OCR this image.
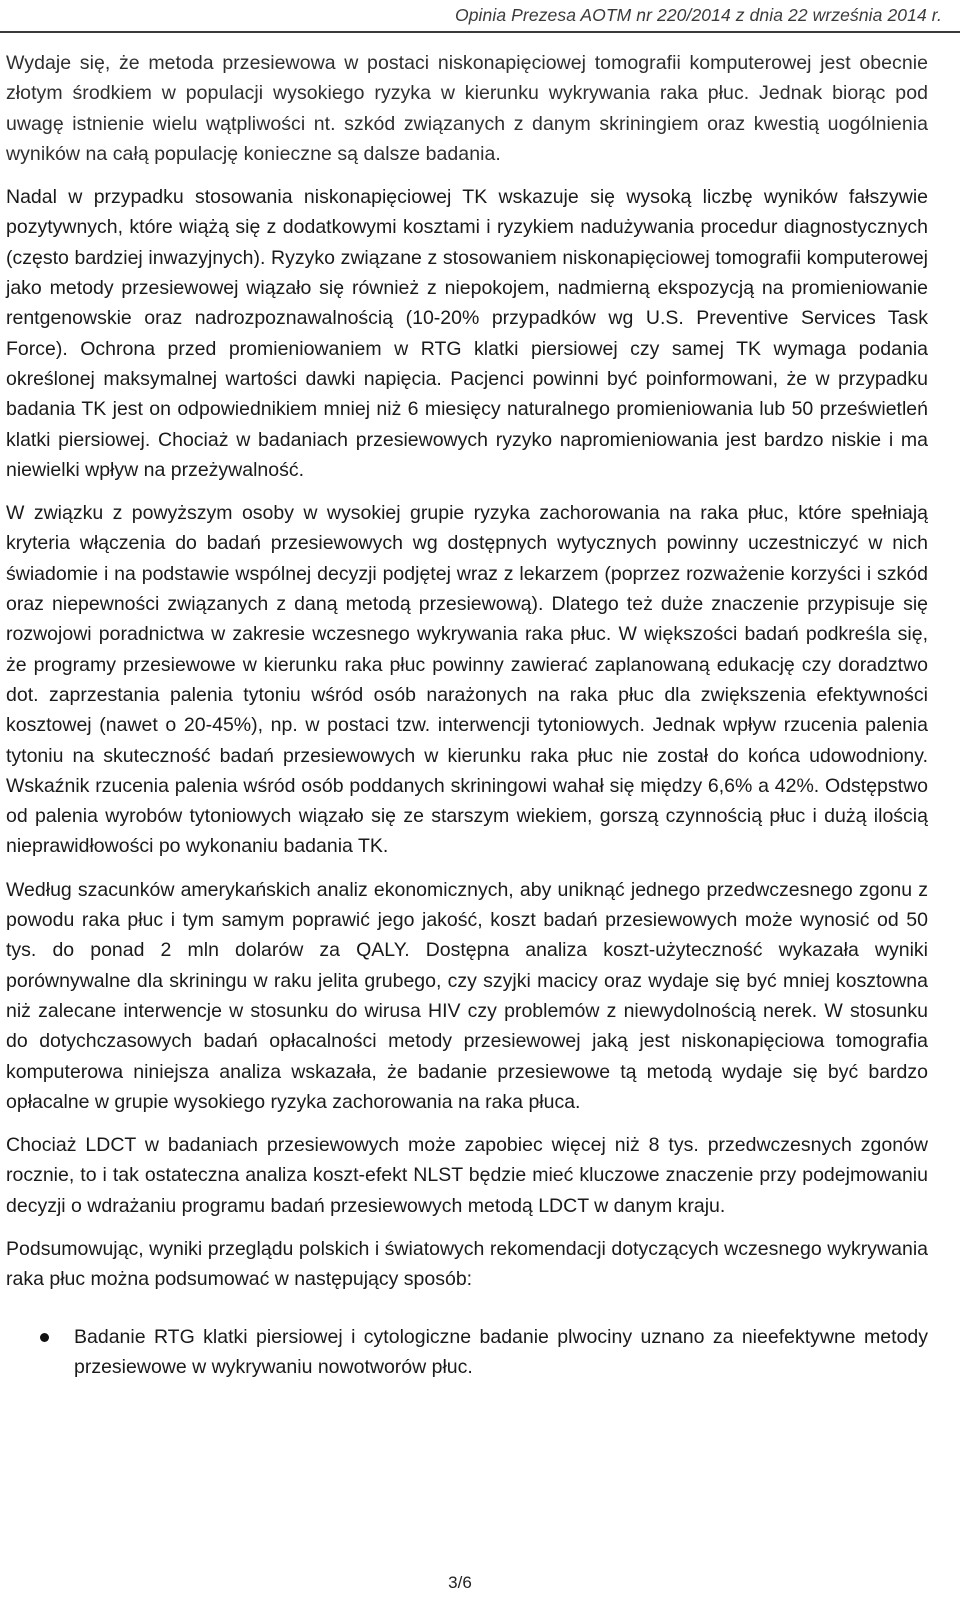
Opinia Prezesa AOTM nr 220/2014 z dnia 22 września 2014 r.

Wydaje się, że metoda przesiewowa w postaci niskonapięciowej tomografii komputerowej jest obecnie złotym środkiem w populacji wysokiego ryzyka w kierunku wykrywania raka płuc. Jednak biorąc pod uwagę istnienie wielu wątpliwości nt. szkód związanych z danym skriningiem oraz kwestią uogólnienia wyników na całą populację konieczne są dalsze badania.

Nadal w przypadku stosowania niskonapięciowej TK wskazuje się wysoką liczbę wyników fałszywie pozytywnych, które wiążą się z dodatkowymi kosztami i ryzykiem nadużywania procedur diagnostycznych (często bardziej inwazyjnych). Ryzyko związane z stosowaniem niskonapięciowej tomografii komputerowej jako metody przesiewowej wiązało się również z niepokojem, nadmierną ekspozycją na promieniowanie rentgenowskie oraz nadrozpoznawalnością (10-20% przypadków wg U.S. Preventive Services Task Force). Ochrona przed promieniowaniem w RTG klatki piersiowej czy samej TK wymaga podania określonej maksymalnej wartości dawki napięcia. Pacjenci powinni być poinformowani, że w przypadku badania TK jest on odpowiednikiem mniej niż 6 miesięcy naturalnego promieniowania lub 50 prześwietleń klatki piersiowej. Chociaż w badaniach przesiewowych ryzyko napromieniowania jest bardzo niskie i ma niewielki wpływ na przeżywalność.

W związku z powyższym osoby w wysokiej grupie ryzyka zachorowania na raka płuc, które spełniają kryteria włączenia do badań przesiewowych wg dostępnych wytycznych powinny uczestniczyć w nich świadomie i na podstawie wspólnej decyzji podjętej wraz z lekarzem (poprzez rozważenie korzyści i szkód oraz niepewności związanych z daną metodą przesiewową). Dlatego też duże znaczenie przypisuje się rozwojowi poradnictwa w zakresie wczesnego wykrywania raka płuc. W większości badań podkreśla się, że programy przesiewowe w kierunku raka płuc powinny zawierać zaplanowaną edukację czy doradztwo dot. zaprzestania palenia tytoniu wśród osób narażonych na raka płuc dla zwiększenia efektywności kosztowej (nawet o 20-45%), np. w postaci tzw. interwencji tytoniowych. Jednak wpływ rzucenia palenia tytoniu na skuteczność badań przesiewowych w kierunku raka płuc nie został do końca udowodniony. Wskaźnik rzucenia palenia wśród osób poddanych skriningowi wahał się między 6,6% a 42%. Odstępstwo od palenia wyrobów tytoniowych wiązało się ze starszym wiekiem, gorszą czynnością płuc i dużą ilością nieprawidłowości po wykonaniu badania TK.

Według szacunków amerykańskich analiz ekonomicznych, aby uniknąć jednego przedwczesnego zgonu z powodu raka płuc i tym samym poprawić jego jakość, koszt badań przesiewowych może wynosić od 50 tys. do ponad 2 mln dolarów za QALY. Dostępna analiza koszt-użyteczność wykazała wyniki porównywalne dla skriningu w raku jelita grubego, czy szyjki macicy oraz wydaje się być mniej kosztowna niż zalecane interwencje w stosunku do wirusa HIV czy problemów z niewydolnością nerek. W stosunku do dotychczasowych badań opłacalności metody przesiewowej jaką jest niskonapięciowa tomografia komputerowa niniejsza analiza wskazała, że badanie przesiewowe tą metodą wydaje się być bardzo opłacalne w grupie wysokiego ryzyka zachorowania na raka płuca.

Chociaż LDCT w badaniach przesiewowych może zapobiec więcej niż 8 tys. przedwczesnych zgonów rocznie, to i tak ostateczna analiza koszt-efekt NLST będzie mieć kluczowe znaczenie przy podejmowaniu decyzji o wdrażaniu programu badań przesiewowych metodą LDCT w danym kraju.

Podsumowując, wyniki przeglądu polskich i światowych rekomendacji dotyczących wczesnego wykrywania raka płuc można podsumować w następujący sposób:

Badanie RTG klatki piersiowej i cytologiczne badanie plwociny uznano za nieefektywne metody przesiewowe w wykrywaniu nowotworów płuc.
3/6
